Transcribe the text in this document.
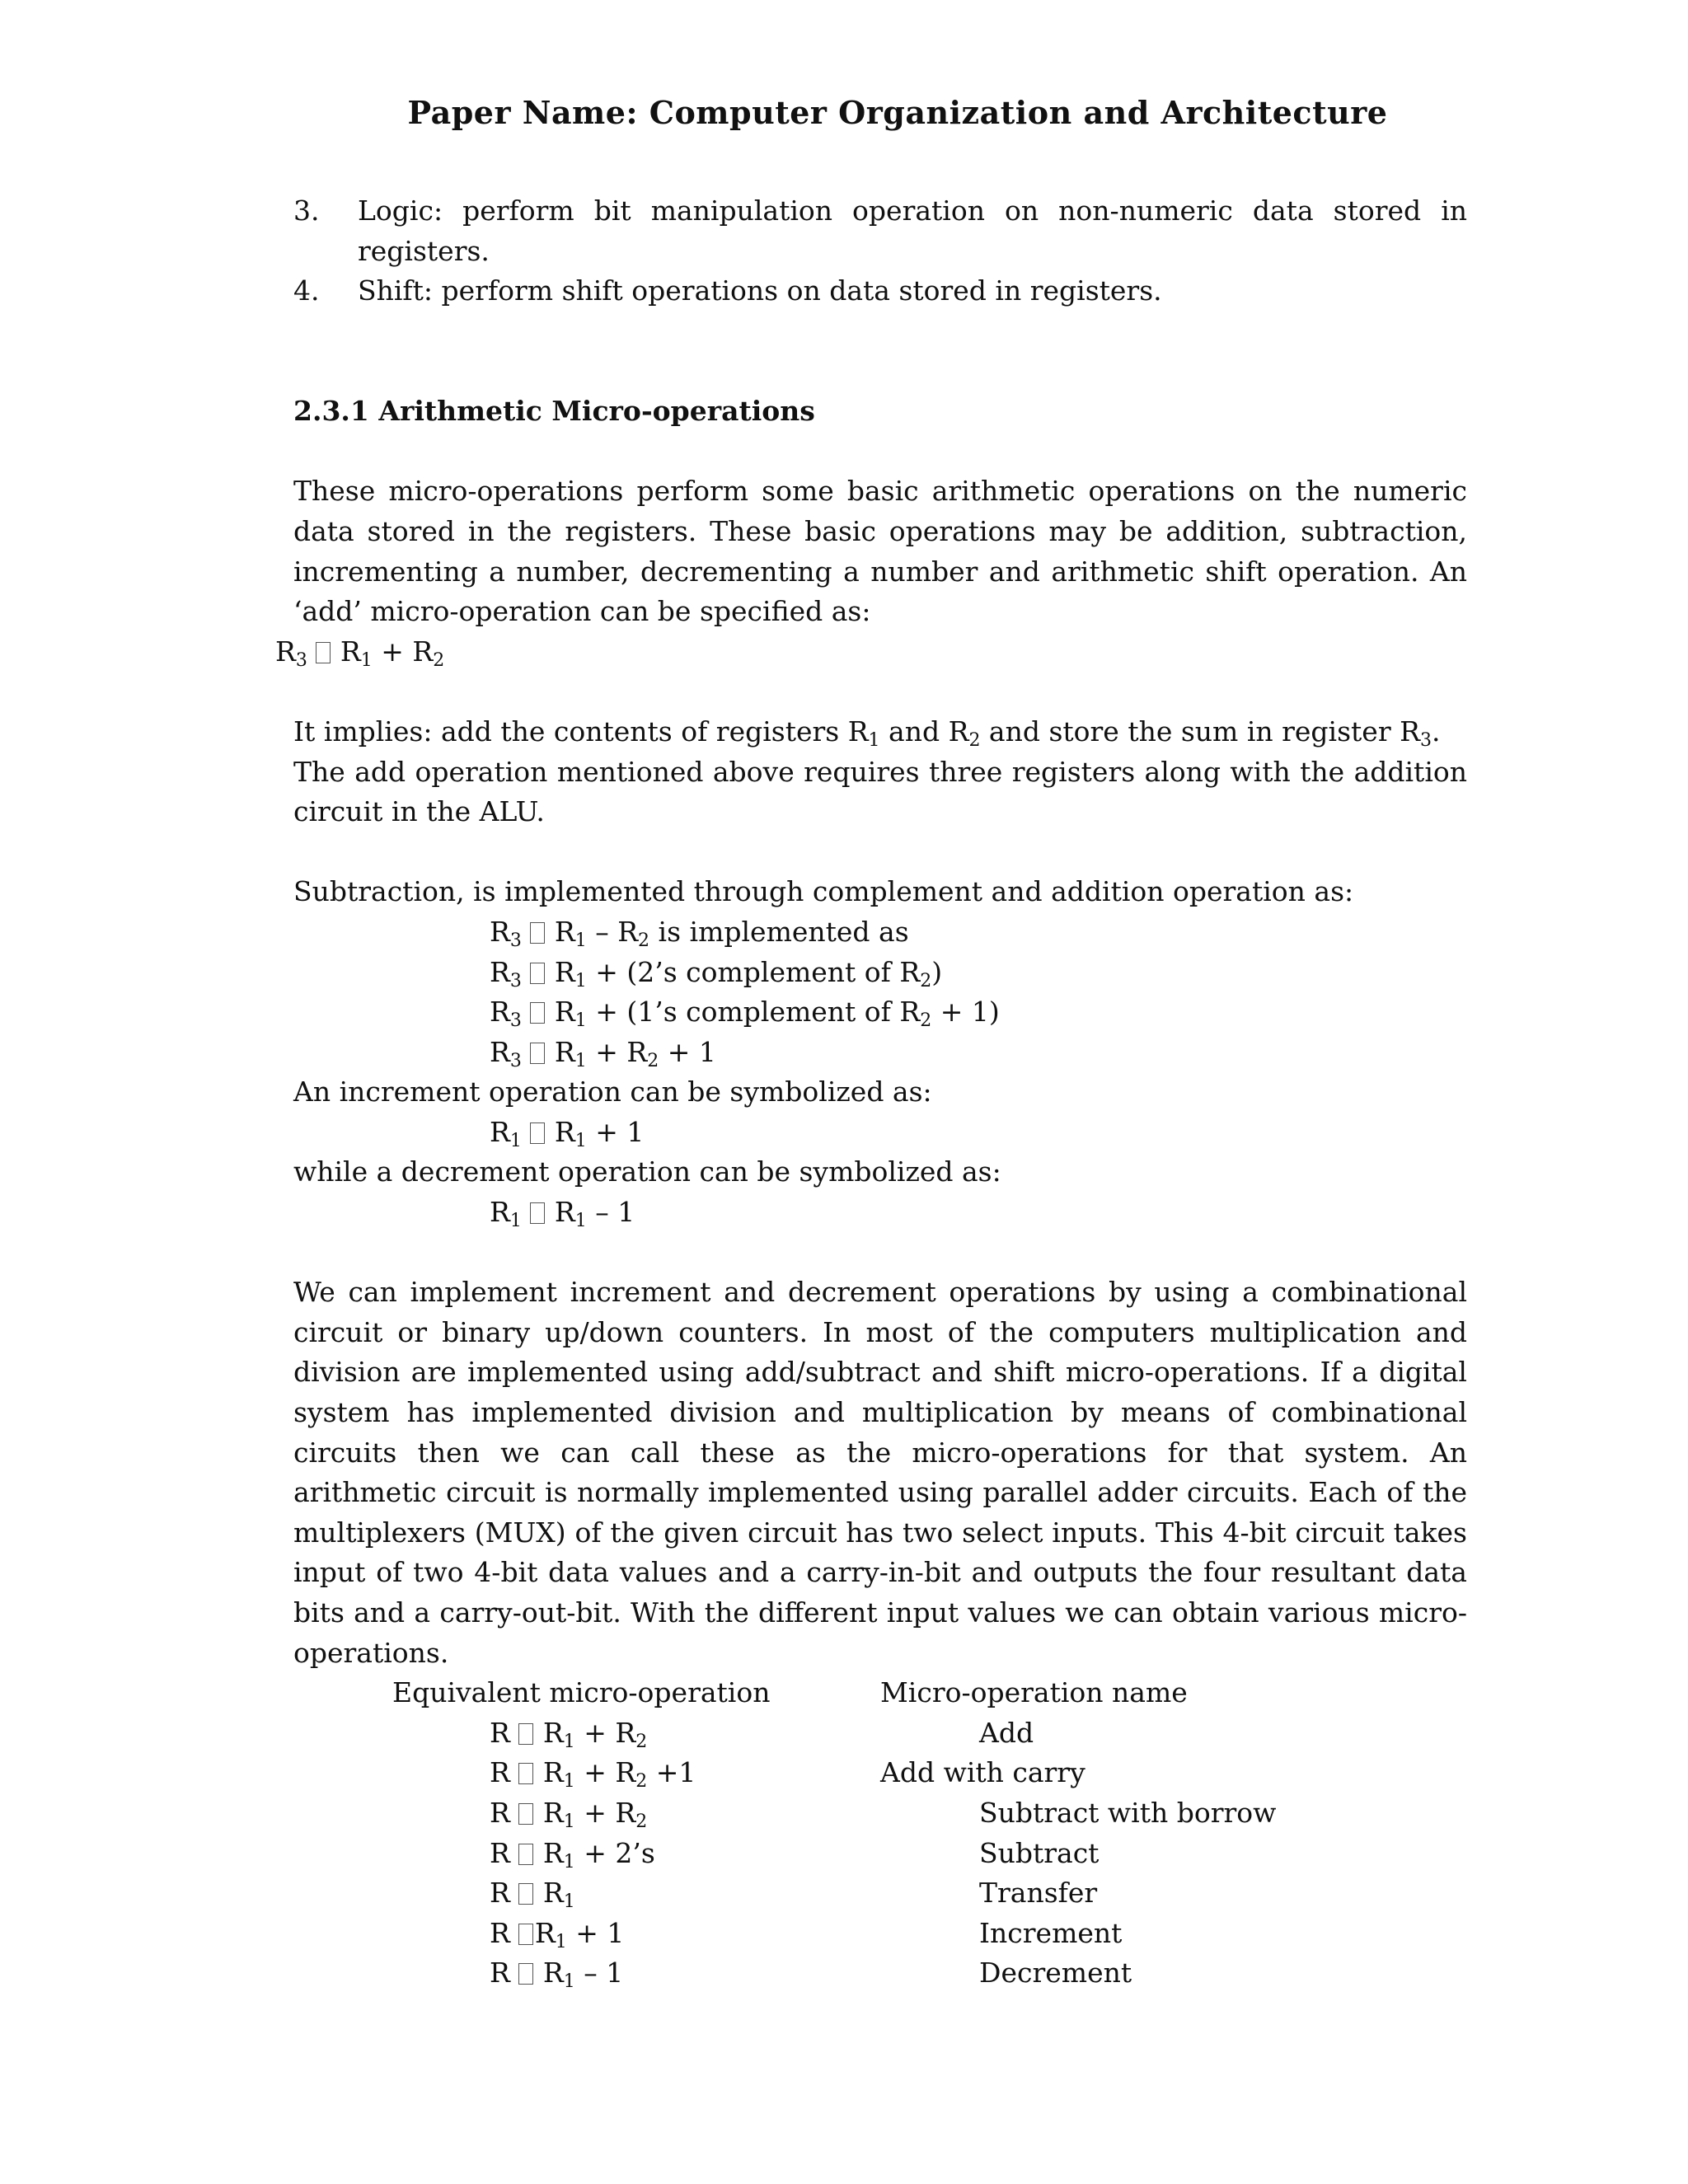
Paper Name: Computer Organization and Architecture
3.	Logic: perform bit manipulation operation on non-numeric data stored in registers.
4.	Shift: perform shift operations on data stored in registers.
2.3.1 Arithmetic Micro-operations
These micro-operations perform some basic arithmetic operations on the numeric data stored in the registers. These basic operations may be addition, subtraction, incrementing a number, decrementing a number and arithmetic shift operation. An ‘add’ micro-operation can be specified as:
$R_3$ $R_1 + R_2$
It implies: add the contents of registers $R_1$ and $R_2$ and store the sum in register $R_3$.
The add operation mentioned above requires three registers along with the addition circuit in the ALU.
Subtraction, is implemented through complement and addition operation as:
$R_3$ $R_1 - R_2$ is implemented as
$R_3$ $R_1$ + (2’s complement of $R_2$)
$R_3$ $R_1$ + (1’s complement of $R_2 + 1$)
$R_3$ $R_1 + R_2 + 1$
An increment operation can be symbolized as:
$R_1$ $R_1 + 1$
while a decrement operation can be symbolized as:
$R_1$ $R_1 - 1$
We can implement increment and decrement operations by using a combinational circuit or binary up/down counters. In most of the computers multiplication and division are implemented using add/subtract and shift micro-operations. If a digital system has implemented division and multiplication by means of combinational circuits then we can call these as the micro-operations for that system. An arithmetic circuit is normally implemented using parallel adder circuits. Each of the multiplexers (MUX) of the given circuit has two select inputs. This 4-bit circuit takes input of two 4-bit data values and a carry-in-bit and outputs the four resultant data bits and a carry-out-bit. With the different input values we can obtain various micro-operations.
Equivalent micro-operation	Micro-operation name
R $R_1 + R_2$	Add
R $R_1 + R_2 +1$	Add with carry
R $R_1 + R_2$	Subtract with borrow
R $R_1$ + 2’s	Subtract
R $R_1$	Transfer
R $R_1 + 1$	Increment
R $R_1 - 1$	Decrement
